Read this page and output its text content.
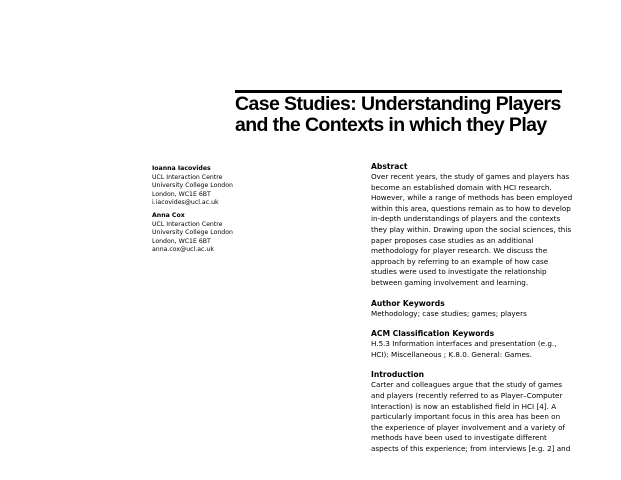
Case Studies: Understanding Players
and the Contexts in which they Play
Ioanna Iacovides
UCL Interaction Centre
University College London
London, WC1E 6BT
i.iacovides@ucl.ac.uk
Anna Cox
UCL Interaction Centre
University College London
London, WC1E 6BT
anna.cox@ucl.ac.uk
Abstract
Over recent years, the study of games and players has
become an established domain with HCI research.
However, while a range of methods has been employed
within this area, questions remain as to how to develop
in-depth understandings of players and the contexts
they play within. Drawing upon the social sciences, this
paper proposes case studies as an additional
methodology for player research. We discuss the
approach by referring to an example of how case
studies were used to investigate the relationship
between gaming involvement and learning.
Author Keywords
Methodology; case studies; games; players
ACM Classification Keywords
H.5.3 Information interfaces and presentation (e.g.,
HCI): Miscellaneous ; K.8.0. General: Games.
Introduction
Carter and colleagues argue that the study of games
and players (recently referred to as Player–Computer
Interaction) is now an established field in HCI [4]. A
particularly important focus in this area has been on
the experience of player involvement and a variety of
methods have been used to investigate different
aspects of this experience; from interviews [e.g. 2] and
